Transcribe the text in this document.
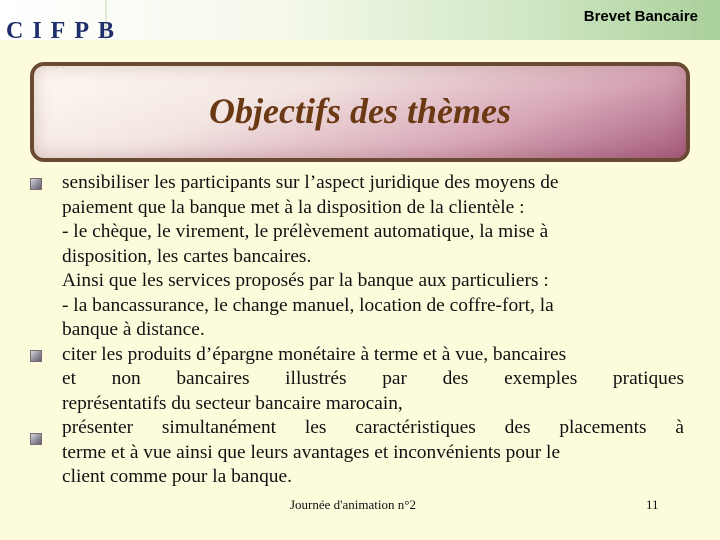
CIFPB
Brevet Bancaire
Objectifs des thèmes
. . . . .
sensibiliser les participants sur l’aspect juridique des moyens de
paiement que la banque met à la disposition de la clientèle :
- le chèque, le virement, le prélèvement automatique, la mise à
disposition, les cartes bancaires.
Ainsi que les services proposés par la banque aux particuliers :
- la bancassurance, le change manuel, location de coffre-fort, la
banque à distance.
citer les produits d’épargne monétaire à terme et à vue, bancaires
et non bancaires illustrés par des exemples pratiques
représentatifs du secteur bancaire marocain,
présenter simultanément les caractéristiques des placements à
terme et à vue ainsi que leurs avantages et inconvénients pour le
client comme pour la banque.
Journée d'animation n°2	11
